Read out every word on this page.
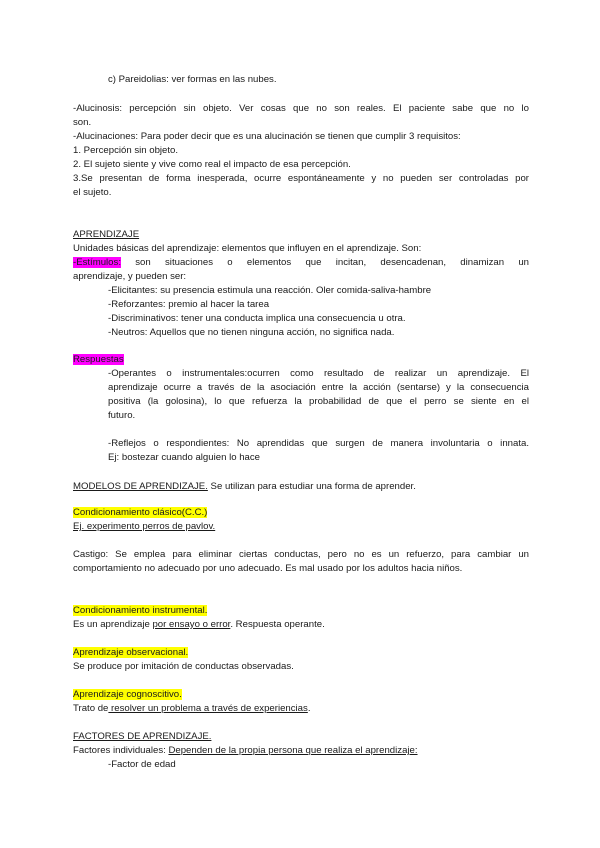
c) Pareidolias: ver formas en las nubes.
-Alucinosis: percepción sin objeto. Ver cosas que no son reales. El paciente sabe que no lo
son.
-Alucinaciones: Para poder decir que es una alucinación se tienen que cumplir 3 requisitos:
1. Percepción sin objeto.
2. El sujeto siente y vive como real el impacto de esa percepción.
3.Se presentan de forma inesperada, ocurre espontáneamente y no pueden ser controladas por
el sujeto.
APRENDIZAJE
Unidades básicas del aprendizaje: elementos que influyen en el aprendizaje. Son:
-Estímulos: son situaciones o elementos que incitan, desencadenan, dinamizan un
aprendizaje, y pueden ser:
-Elicitantes: su presencia estimula una reacción. Oler comida-saliva-hambre
-Reforzantes: premio al hacer la tarea
-Discriminativos: tener una conducta implica una consecuencia u otra.
-Neutros: Aquellos que no tienen ninguna acción, no significa nada.
Respuestas
-Operantes o instrumentales:ocurren como resultado de realizar un aprendizaje. El
aprendizaje ocurre a través de la asociación entre la acción (sentarse) y la consecuencia
positiva (la golosina), lo que refuerza la probabilidad de que el perro se siente en el
futuro.
-Reflejos o respondientes: No aprendidas que surgen de manera involuntaria o innata.
Ej: bostezar cuando alguien lo hace
MODELOS DE APRENDIZAJE. Se utilizan para estudiar una forma de aprender.
Condicionamiento clásico(C.C.)
Ej. experimento perros de pavlov.
Castigo: Se emplea para eliminar ciertas conductas, pero no es un refuerzo, para cambiar un
comportamiento no adecuado por uno adecuado. Es mal usado por los adultos hacia niños.
Condicionamiento instrumental.
Es un aprendizaje por ensayo o error. Respuesta operante.
Aprendizaje observacional.
Se produce por imitación de conductas observadas.
Aprendizaje cognoscitivo.
Trato de resolver un problema a través de experiencias.
FACTORES DE APRENDIZAJE.
Factores individuales: Dependen de la propia persona que realiza el aprendizaje:
-Factor de edad
